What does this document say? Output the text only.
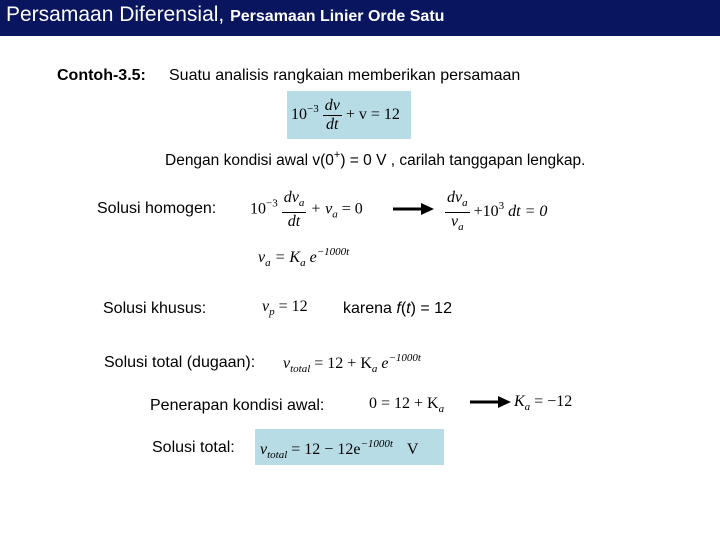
Persamaan Diferensial, Persamaan Linier Orde Satu
Contoh-3.5: Suatu analisis rangkaian memberikan persamaan
$10^{-3} \frac{dv}{dt} + v = 12$
Dengan kondisi awal v(0+) = 0 V , carilah tanggapan lengkap.
Solusi homogen: $10^{-3} \frac{dv_a}{dt} + v_a = 0$	$\frac{dv_a}{v_a} +10^3$ dt = 0
$v_a = K_a$ $e^{-1000t}$
Solusi khusus:	$v_p = 12$ karena f(t) = 12
Solusi total (dugaan): $v_{total} = 12 + K_a$ $e^{-1000t}$
Penerapan kondisi awal:	$0 = 12 + K_a$	$K_a = -12$
Solusi total: $v_{total} = 12 - 12e^{-1000t}$ V
